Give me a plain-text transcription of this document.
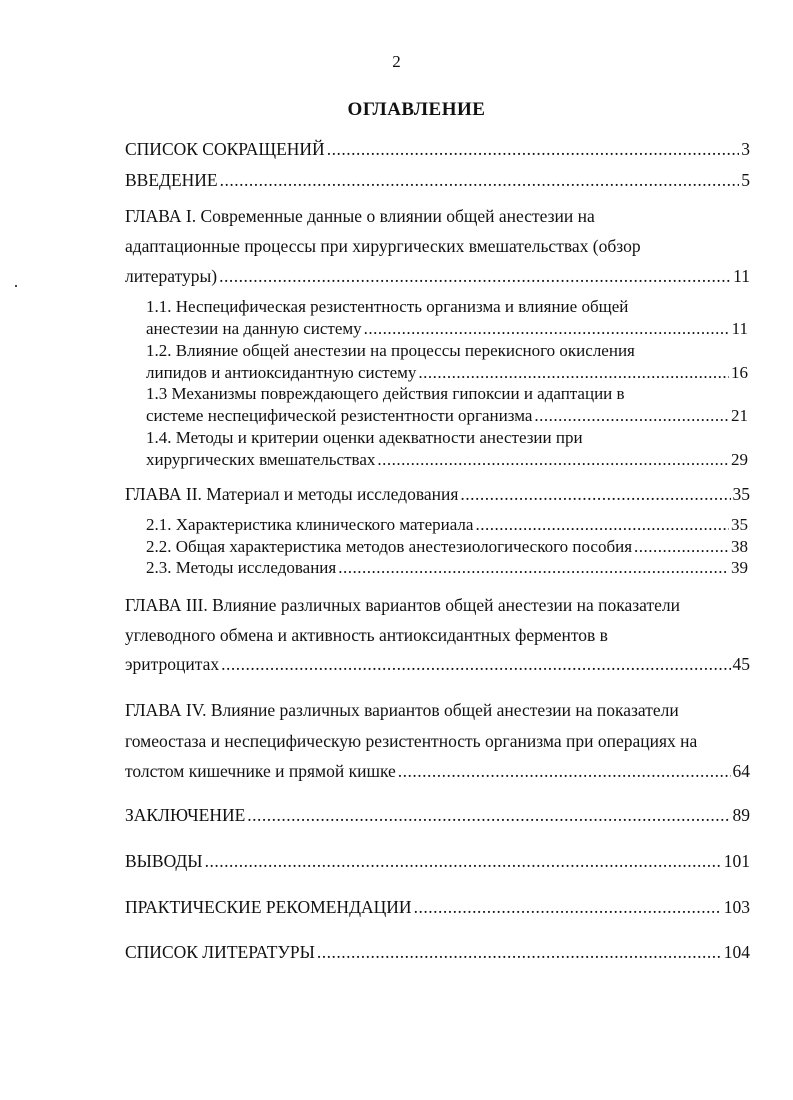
2
ОГЛАВЛЕНИЕ
СПИСОК СОКРАЩЕНИЙ .....	3
ВВЕДЕНИЕ .....	5
ГЛАВА I. Современные данные о влиянии общей анестезии на
адаптационные процессы при хирургических вмешательствах (обзор
литературы) .....	11
1.1. Неспецифическая резистентность организма и влияние общей
анестезии на данную систему .....	11
1.2. Влияние общей анестезии на процессы перекисного окисления
липидов и антиоксидантную систему .....	16
1.3 Механизмы повреждающего действия гипоксии и адаптации в
системе неспецифической резистентности организма .....	21
1.4. Методы и критерии оценки адекватности анестезии при
хирургических вмешательствах .....	29
ГЛАВА II. Материал и методы исследования .....	35
2.1. Характеристика клинического материала .....	35
2.2. Общая характеристика методов анестезиологического пособия .....	38
2.3. Методы исследования .....	39
ГЛАВА III. Влияние различных вариантов общей анестезии на показатели
углеводного обмена и активность антиоксидантных ферментов в
эритроцитах .....	45
ГЛАВА IV. Влияние различных вариантов общей анестезии на показатели
гомеостаза и неспецифическую резистентность организма при операциях на
толстом кишечнике и прямой кишке .....	64
ЗАКЛЮЧЕНИЕ .....	89
ВЫВОДЫ .....	101
ПРАКТИЧЕСКИЕ РЕКОМЕНДАЦИИ .....	103
СПИСОК ЛИТЕРАТУРЫ .....	104
